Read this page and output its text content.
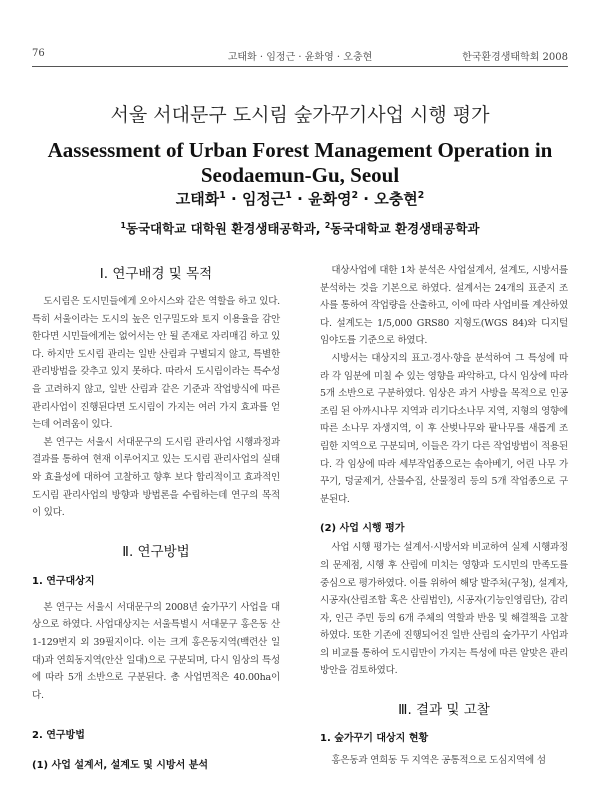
76	고태화 · 임정근 · 윤화영 · 오충현	한국환경생태학회 2008
서울 서대문구 도시림 숲가꾸기사업 시행 평가
Aassessment of Urban Forest Management Operation in
Seodaemun-Gu, Seoul
고태화$^1$ · 임정근$^1$ · 윤화영$^2$ · 오충현$^2$
$^1$동국대학교 대학원 환경생태공학과, $^2$동국대학교 환경생태공학과
Ⅰ. 연구배경 및 목적

도시림은 도시민들에게 오아시스와 같은 역할을 하고 있다. 특히 서울이라는 도시의 높은 인구밀도와 토지 이용율을 감안한다면 시민들에게는 없어서는 안 될 존재로 자리매김 하고 있다. 하지만 도시림 관리는 일반 산림과 구별되지 않고, 특별한 관리방법을 갖추고 있지 못하다. 따라서 도시림이라는 특수성을 고려하지 않고, 일반 산림과 같은 기준과 작업방식에 따른 관리사업이 진행된다면 도시림이 가지는 여러 가지 효과를 얻는데 어려움이 있다.

본 연구는 서울시 서대문구의 도시림 관리사업 시행과정과 결과를 통하여 현재 이루어지고 있는 도시림 관리사업의 실태와 효율성에 대하여 고찰하고 향후 보다 합리적이고 효과적인 도시림 관리사업의 방향과 방법론을 수립하는데 연구의 목적이 있다.

Ⅱ. 연구방법
1. 연구대상지

본 연구는 서울시 서대문구의 2008년 숲가꾸기 사업을 대상으로 하였다. 사업대상지는 서울특별시 서대문구 홍은동 산1-129번지 외 39필지이다. 이는 크게 홍은동지역(백련산 일대)과 연희동지역(안산 일대)으로 구분되며, 다시 임상의 특성에 따라 5개 소반으로 구분된다. 총 사업면적은 40.00ha이다.

2. 연구방법
(1) 사업 설계서, 설계도 및 시방서 분석

대상사업에 대한 1차 분석은 사업설계서, 설계도, 시방서를 분석하는 것을 기본으로 하였다. 설계서는 24개의 표준지 조사를 통하여 작업량을 산출하고, 이에 따라 사업비를 계산하였다. 설계도는 1/5,000 GRS80 지형도(WGS 84)와 디지털 임야도를 기준으로 하였다.

시방서는 대상지의 표고·경사·향을 분석하여 그 특성에 따라 각 임분에 미칠 수 있는 영향을 파악하고, 다시 임상에 따라 5개 소반으로 구분하였다. 임상은 과거 사방을 목적으로 인공조림 된 아까시나무 지역과 리기다소나무 지역, 지형의 영향에 따른 소나무 자생지역, 이 후 산벚나무와 팥나무를 새롭게 조림한 지역으로 구분되며, 이들은 각기 다른 작업방법이 적용된다. 각 임상에 따라 세부작업종으로는 솎아베기, 어린 나무 가꾸기, 덩굴제거, 산물수집, 산물정리 등의 5개 작업종으로 구분된다.

(2) 사업 시행 평가

사업 시행 평가는 설계서·시방서와 비교하여 실제 시행과정의 문제점, 시행 후 산림에 미치는 영향과 도시민의 만족도를 중심으로 평가하였다. 이를 위하여 해당 발주처(구청), 설계자, 시공자(산림조합 혹은 산림법인), 시공자(기능인영림단), 감리자, 인근 주민 등의 6개 주체의 역할과 반응 및 해결책을 고찰하였다. 또한 기존에 진행되어진 일반 산림의 숲가꾸기 사업과의 비교를 통하여 도시림만이 가지는 특성에 따른 알맞은 관리방안을 검토하였다.

Ⅲ. 결과 및 고찰
1. 숲가꾸기 대상지 현황

홍은동과 연희동 두 지역은 공통적으로 도심지역에 섬
